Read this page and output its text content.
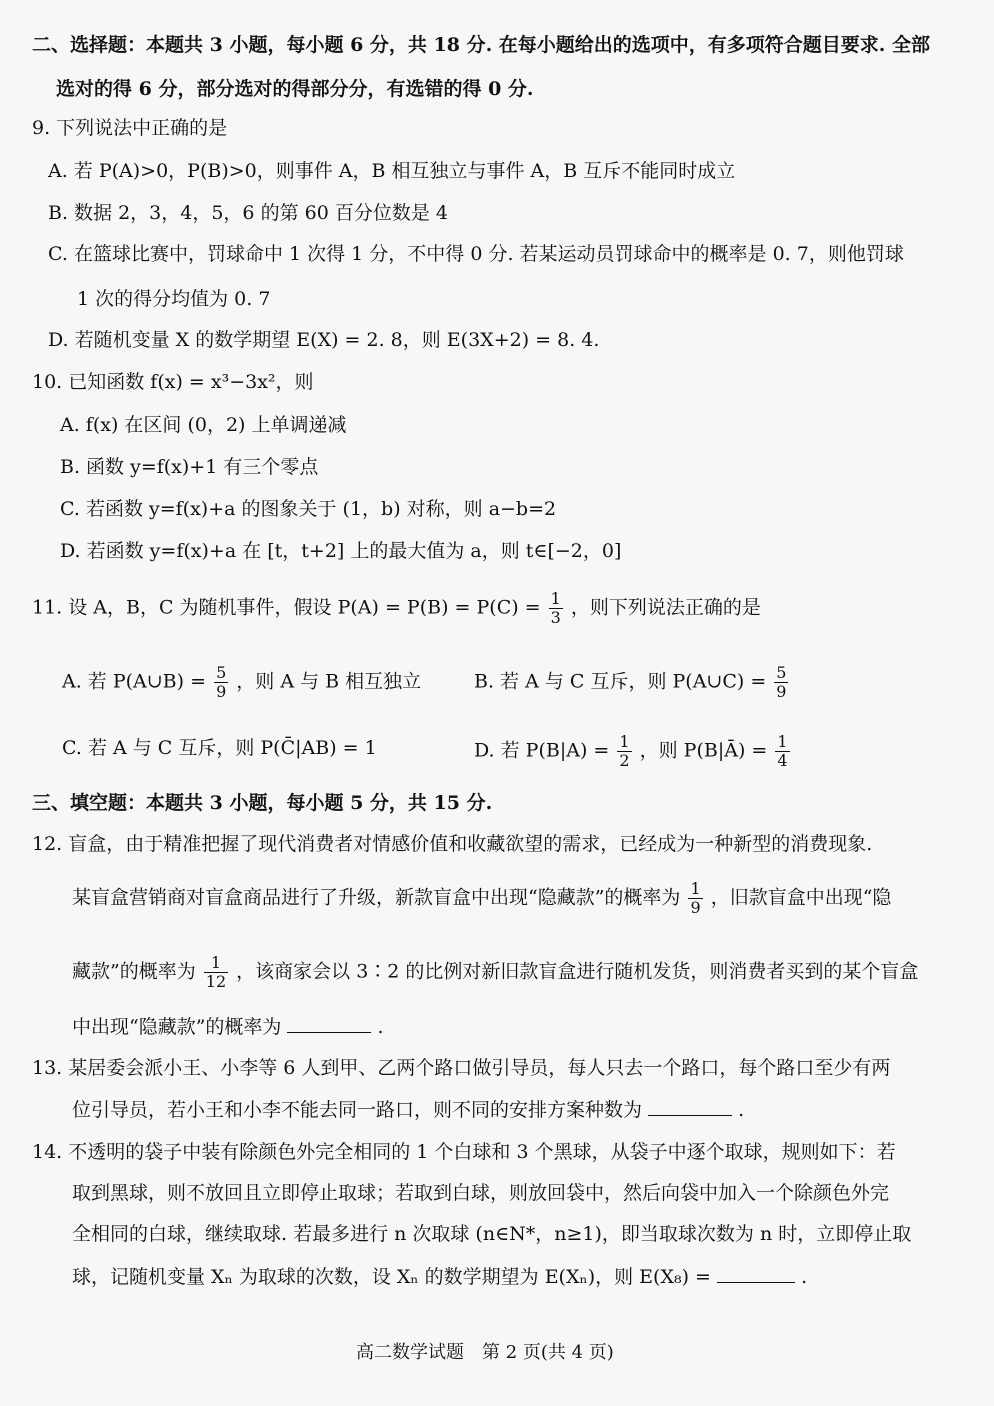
二、选择题：本题共 3 小题，每小题 6 分，共 18 分. 在每小题给出的选项中，有多项符合题目要求. 全部
选对的得 6 分，部分选对的得部分分，有选错的得 0 分.
9. 下列说法中正确的是
A. 若 P(A)>0，P(B)>0，则事件 A，B 相互独立与事件 A，B 互斥不能同时成立
B. 数据 2，3，4，5，6 的第 60 百分位数是 4
C. 在篮球比赛中，罚球命中 1 次得 1 分，不中得 0 分. 若某运动员罚球命中的概率是 0. 7，则他罚球
1 次的得分均值为 0. 7
D. 若随机变量 X 的数学期望 E(X) = 2. 8，则 E(3X+2) = 8. 4.
10. 已知函数 f(x) = x³−3x²，则
A. f(x) 在区间 (0，2) 上单调递减
B. 函数 y=f(x)+1 有三个零点
C. 若函数 y=f(x)+a 的图象关于 (1，b) 对称，则 a−b=2
D. 若函数 y=f(x)+a 在 [t，t+2] 上的最大值为 a，则 t∈[−2，0]
11. 设 A，B，C 为随机事件，假设 $P(A) = P(B) = P(C) = \frac{1}{3}$ ，则下列说法正确的是
A. 若 P(A∪B) = $\frac{5}{9}$ ，则 A 与 B 相互独立	B. 若 A 与 C 互斥，则 P(A∪C) = $\frac{5}{9}$
C. 若 A 与 C 互斥，则 P(C̄|AB) = 1	D. 若 $P(B|A) = \frac{1}{2}$ ，则 P(B|Ā) = $\frac{1}{4}$
三、填空题：本题共 3 小题，每小题 5 分，共 15 分.
12. 盲盒，由于精准把握了现代消费者对情感价值和收藏欲望的需求，已经成为一种新型的消费现象.
某盲盒营销商对盲盒商品进行了升级，新款盲盒中出现“隐藏款”的概率为 $\frac{1}{9}$ ，旧款盲盒中出现“隐
藏款”的概率为 $\frac{1}{12}$ ，该商家会以 3∶2 的比例对新旧款盲盒进行随机发货，则消费者买到的某个盲盒
中出现“隐藏款”的概率为	.
13. 某居委会派小王、小李等 6 人到甲、乙两个路口做引导员，每人只去一个路口，每个路口至少有两
位引导员，若小王和小李不能去同一路口，则不同的安排方案种数为	.
14. 不透明的袋子中装有除颜色外完全相同的 1 个白球和 3 个黑球，从袋子中逐个取球，规则如下：若
取到黑球，则不放回且立即停止取球；若取到白球，则放回袋中，然后向袋中加入一个除颜色外完
全相同的白球，继续取球. 若最多进行 n 次取球 (n∈N*，n≥1)，即当取球次数为 n 时，立即停止取
球，记随机变量 Xₙ 为取球的次数，设 Xₙ 的数学期望为 E(Xₙ)，则 E(X₈) =	.
高二数学试题　第 2 页(共 4 页)
